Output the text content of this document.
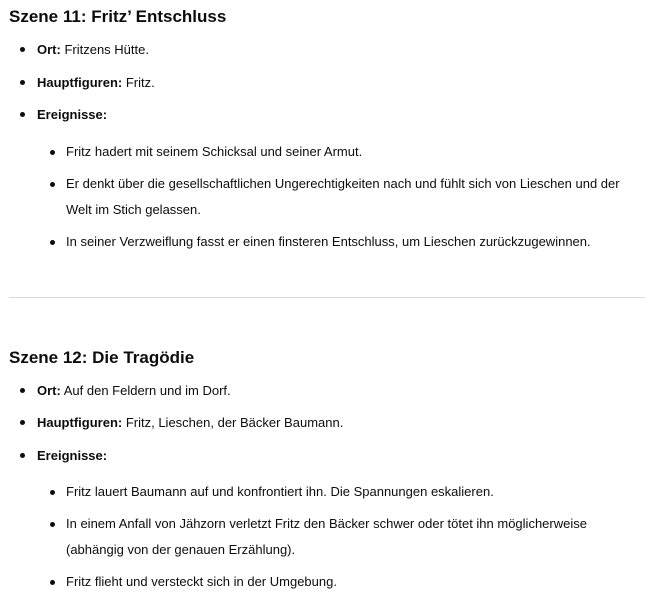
Szene 11: Fritz’ Entschluss
Ort: Fritzens Hütte.
Hauptfiguren: Fritz.
Ereignisse:
Fritz hadert mit seinem Schicksal und seiner Armut.
Er denkt über die gesellschaftlichen Ungerechtigkeiten nach und fühlt sich von Lieschen und der Welt im Stich gelassen.
In seiner Verzweiflung fasst er einen finsteren Entschluss, um Lieschen zurückzugewinnen.
Szene 12: Die Tragödie
Ort: Auf den Feldern und im Dorf.
Hauptfiguren: Fritz, Lieschen, der Bäcker Baumann.
Ereignisse:
Fritz lauert Baumann auf und konfrontiert ihn. Die Spannungen eskalieren.
In einem Anfall von Jähzorn verletzt Fritz den Bäcker schwer oder tötet ihn möglicherweise (abhängig von der genauen Erzählung).
Fritz flieht und versteckt sich in der Umgebung.
